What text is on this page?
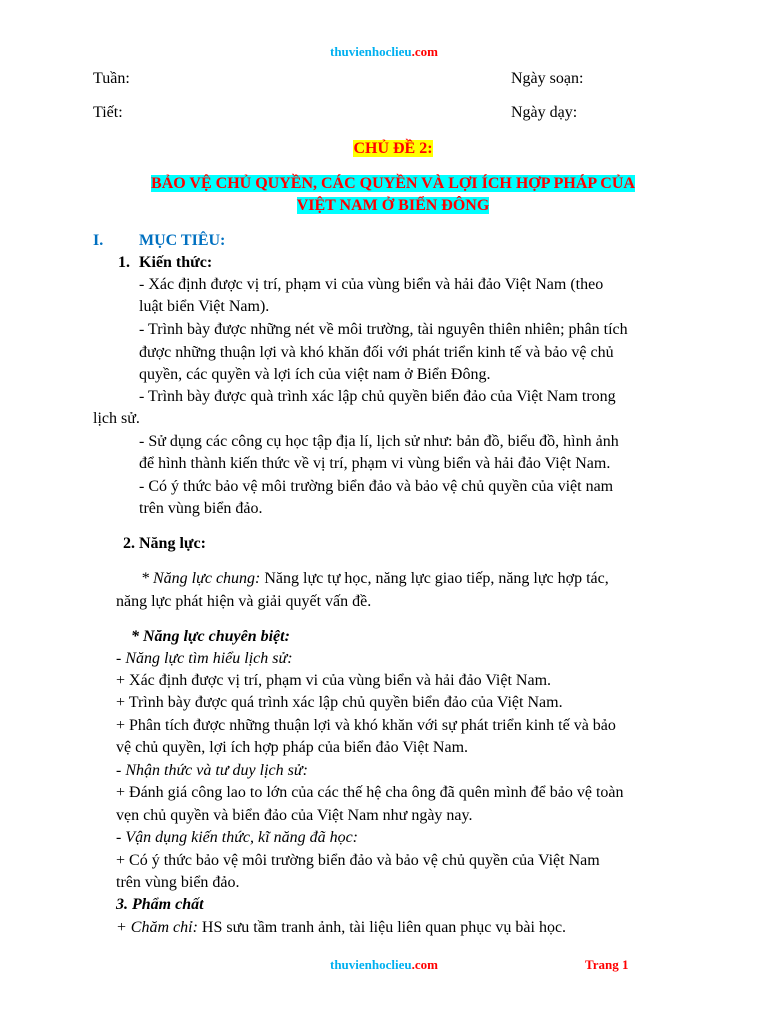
thuvienhoclieu.com
Tuần:	Ngày soạn:
Tiết:	Ngày dạy:
CHỦ ĐỀ 2:
BẢO VỆ CHỦ QUYỀN, CÁC QUYỀN VÀ LỢI ÍCH HỢP PHÁP CỦA
VIỆT NAM Ở BIỂN ĐÔNG
I. MỤC TIÊU:
1. Kiến thức:
- Xác định được vị trí, phạm vi của vùng biển và hải đảo Việt Nam (theo
luật biển Việt Nam).
- Trình bày được những nét về môi trường, tài nguyên thiên nhiên; phân tích
được những thuận lợi và khó khăn đối với phát triển kinh tế và bảo vệ chủ
quyền, các quyền và lợi ích của việt nam ở Biển Đông.
- Trình bày được quà trình xác lập chủ quyền biển đảo của Việt Nam trong
lịch sử.
- Sử dụng các công cụ học tập địa lí, lịch sử như: bản đồ, biểu đồ, hình ảnh
để hình thành kiến thức về vị trí, phạm vi vùng biển và hải đảo Việt Nam.
- Có ý thức bảo vệ môi trường biển đảo và bảo vệ chủ quyền của việt nam
trên vùng biển đảo.
2. Năng lực:
* Năng lực chung: Năng lực tự học, năng lực giao tiếp, năng lực hợp tác,
năng lực phát hiện và giải quyết vấn đề.
* Năng lực chuyên biệt:
- Năng lực tìm hiểu lịch sử:
+ Xác định được vị trí, phạm vi của vùng biển và hải đảo Việt Nam.
+ Trình bày được quá trình xác lập chủ quyền biển đảo của Việt Nam.
+ Phân tích được những thuận lợi và khó khăn với sự phát triển kinh tế và bảo
vệ chủ quyền, lợi ích hợp pháp của biển đảo Việt Nam.
- Nhận thức và tư duy lịch sử:
+ Đánh giá công lao to lớn của các thế hệ cha ông đã quên mình để bảo vệ toàn
vẹn chủ quyền và biển đảo của Việt Nam như ngày nay.
- Vận dụng kiến thức, kĩ năng đã học:
+ Có ý thức bảo vệ môi trường biển đảo và bảo vệ chủ quyền của Việt Nam
trên vùng biển đảo.
3. Phẩm chất
+ Chăm chỉ: HS sưu tầm tranh ảnh, tài liệu liên quan phục vụ bài học.
thuvienhoclieu.com	Trang 1
